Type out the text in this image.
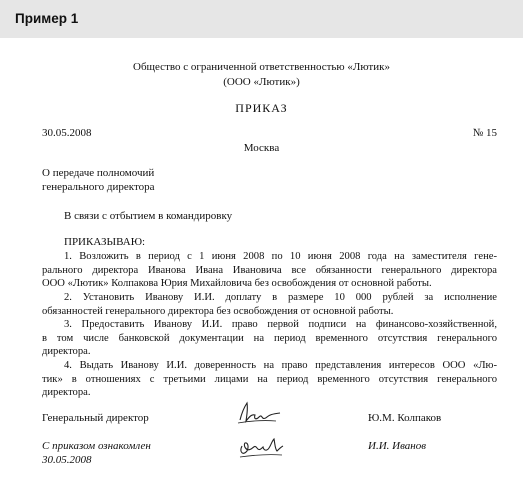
Пример 1
Общество с ограниченной ответственностью «Лютик»
(ООО «Лютик»)
ПРИКАЗ
30.05.2008	№ 15
Москва
О передаче полномочий
генерального директора
В связи с отбытием в командировку
ПРИКАЗЫВАЮ:
1. Возложить в период с 1 июня 2008 по 10 июня 2008 года на заместителя гене-
рального директора Иванова Ивана Ивановича все обязанности генерального директора
ООО «Лютик» Колпакова Юрия Михайловича без освобождения от основной работы.
2. Установить Иванову И.И. доплату в размере 10 000 рублей за исполнение
обязанностей генерального директора без освобождения от основной работы.
3. Предоставить Иванову И.И. право первой подписи на финансово-хозяйственной,
в том числе банковской документации на период временного отсутствия генерального
директора.
4. Выдать Иванову И.И. доверенность на право представления интересов ООО «Лю-
тик» в отношениях с третьими лицами на период временного отсутствия генерального
директора.
Генеральный директор	Ю.М. Колпаков
С приказом ознакомлен
30.05.2008
И.И. Иванов
